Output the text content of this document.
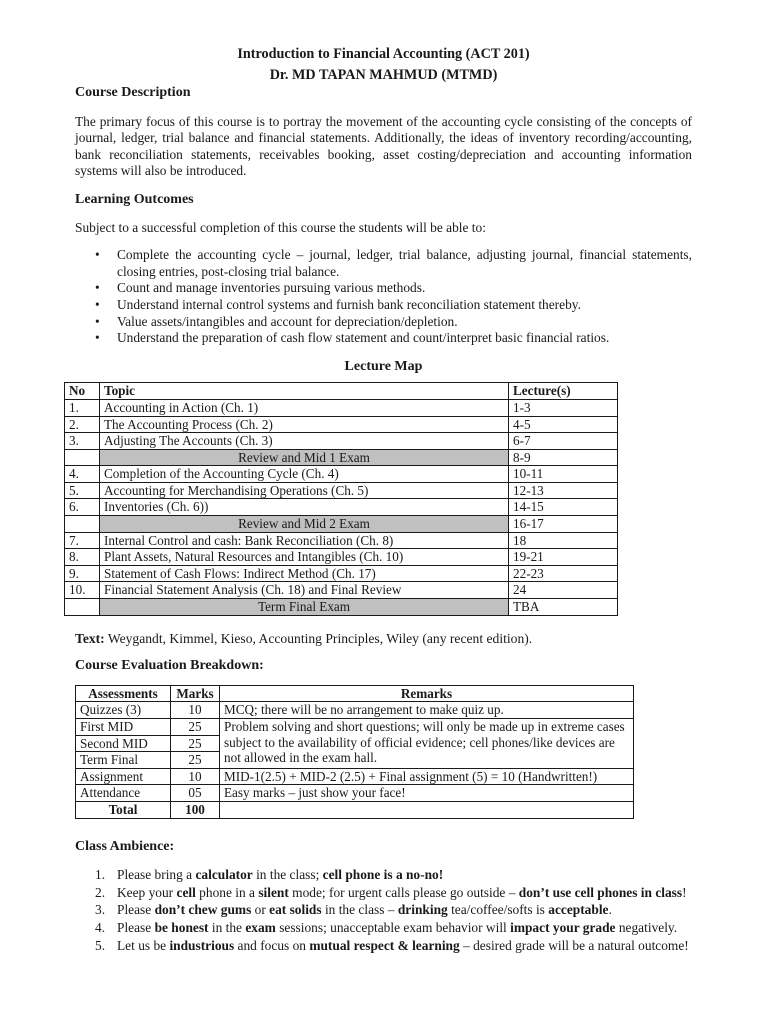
Introduction to Financial Accounting (ACT 201)
Dr. MD TAPAN MAHMUD (MTMD)
Course Description

The primary focus of this course is to portray the movement of the accounting cycle consisting of the concepts of journal, ledger, trial balance and financial statements. Additionally, the ideas of inventory recording/accounting, bank reconciliation statements, receivables booking, asset costing/depreciation and accounting information systems will also be introduced.

Learning Outcomes

Subject to a successful completion of this course the students will be able to:

• Complete the accounting cycle – journal, ledger, trial balance, adjusting journal, financial statements, closing entries, post-closing trial balance.
• Count and manage inventories pursuing various methods.
• Understand internal control systems and furnish bank reconciliation statement thereby.
• Value assets/intangibles and account for depreciation/depletion.
• Understand the preparation of cash flow statement and count/interpret basic financial ratios.
Lecture Map
No	Topic	Lecture(s)
1.	Accounting in Action (Ch. 1)	1-3
2.	The Accounting Process (Ch. 2)	4-5
3.	Adjusting The Accounts (Ch. 3)	6-7
	Review and Mid 1 Exam	8-9
4.	Completion of the Accounting Cycle (Ch. 4)	10-11
5.	Accounting for Merchandising Operations (Ch. 5)	12-13
6.	Inventories (Ch. 6))	14-15
	Review and Mid 2 Exam	16-17
7.	Internal Control and cash: Bank Reconciliation (Ch. 8)	18
8.	Plant Assets, Natural Resources and Intangibles (Ch. 10)	19-21
9.	Statement of Cash Flows: Indirect Method (Ch. 17)	22-23
10.	Financial Statement Analysis (Ch. 18) and Final Review	24
	Term Final Exam	TBA

Text: Weygandt, Kimmel, Kieso, Accounting Principles, Wiley (any recent edition).

Course Evaluation Breakdown:
Assessments	Marks	Remarks
Quizzes (3)	10	MCQ; there will be no arrangement to make quiz up.
First MID	25	Problem solving and short questions; will only be made up in extreme cases subject to the availability of official evidence; cell phones/like devices are not allowed in the exam hall.
Second MID	25	
Term Final	25	
Assignment	10	MID-1(2.5) + MID-2 (2.5) + Final assignment (5) = 10 (Handwritten!)
Attendance	05	Easy marks – just show your face!
Total	100	
Class Ambience:
1. Please bring a calculator in the class; cell phone is a no-no!
2. Keep your cell phone in a silent mode; for urgent calls please go outside – don’t use cell phones in class!
3. Please don’t chew gums or eat solids in the class – drinking tea/coffee/softs is acceptable.
4. Please be honest in the exam sessions; unacceptable exam behavior will impact your grade negatively.
5. Let us be industrious and focus on mutual respect & learning – desired grade will be a natural outcome!
